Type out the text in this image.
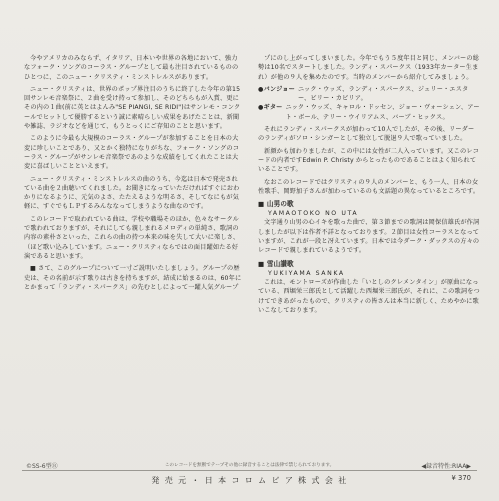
今やアメリカのみならず、イタリア、日本いや世界の各地において、強力なフォーク・ソングのコーラス・グループとして最も注目されているもののひとつに、このニュー・クリスティ・ミンストレルスがあります。

ニュー・クリスティは、世界のポップ界注目のうちに終了した今年の第15回サンレモ音楽祭に、２曲を受け持って参加し、そのどちらもが入賞、更にその内の１曲(前に英とはよんみ"SE PIANGI, SE RIDI")はサンレモ・コンクールでヒットして優勝するという誠に素晴らしい成果をあげたことは、新聞や雑誌、ラジオなどを通じて、もうとっくにご存知のことと思います。

このように今最も大規模のコーラス・グループが参加することを日本の大変に珍しいことであり、又とかく独特になりがちな、フォーク・ソングのコーラス・グループがサンレモ音楽祭であのような成績をしてくれたことは大変に喜ばしいことといえます。

ニュー・クリスティ・ミンストレルスの曲のうち、今迄は日本で発売されている曲を２曲聴いてくれました。お聞きになっていただければすぐにおわかりになるように、元気のよさ、たたえるような明るさ、そしてなにもが気軽に、すぐでもＬＰするみんななってしまうような曲なのです。

このレコードで取われている曲は、学校や職場そのほか、色々なサークルで歌われておりますが、それにしても親しまれるメロディの単純さ、歌詞の内容の素朴さといった、これらの曲の持つ本来の味を失して大いに楽しさ、（ほど歌い込みしています。ニュー・クリスティならではの面目躍如たる好演であると思います。

■ さて、このグループについて一寸ご説明いたしましょう。グループの歴史は、その名前が示す歌りは古きを持ちますが、結成に始まるのは、60年にとかまって「ランディ・スパークス」の先むとしによって一躍人気グループ

プにのし上がってしまいました。今年でもう５度年目と同じ、メンバーの総勢は10名でスタートしました。ランディ・スパークス（1933年カーター生まれ）が他の９人を集めたのです。当時のメンバーから紹介してみましょう。

●バンジョー ニック・ウッズ、ランディ・スパークス、ジェリー・エスター、ビリー・カビリア。
●ギター ニック・ウッズ、キャロル・ドッセン、ジョー・ヴォーシェン、アート・ボール、テリー・ウイリアムス、バーブ・ヒックス。

それにランディ・スパークスが加わって10人でしたが、その後、リーダーのランディがソロ・シンガーとして独立して脱退９人で歌っていました。

新顔かも加わりましたが、この中には女性が二人入っています。又このレコードの内者ですEdwin P. Christy からとったものであることはよく知られていることです。

なおこのレコードではクリスティの９人のメンバーと、もう一人、日本の女性歌手、岡野加子さんが加わっているのも文話題の異なっているところです。

■ 山男の歌
YAMAOTOKO NO UTA

文字通り山男の心イキを歌った曲で、第３節までの歌詞は岡保信雄氏が作詞しましたが以下は作者不詳となっております。２節目は女性コーラスとなっていますが、これが一段と冴えています。日本では今ダーク・ダックスの方々のレコードで親しまれているようです。

■ 雪山讃歌
YUKIYAMA SANKA

これは、モントローズが作曲した「いとしのクレメンタイン」が原曲になっている、西堀栄三郎氏として活躍した西堀栄三郎氏が、それに、この歌詞をつけてできあがったもので、クリスティの皆さんは本当に新しく、ためやかに歌いこなしております。

©SS-6型Ⓡ	このレコードを無断でテープその他に録音することは法律で禁じられております。	◀録音特性:RIAA▶
発 売 元 ・ 日 本 コ ロ ム ビ ア 株 式 会 社	¥ 370
